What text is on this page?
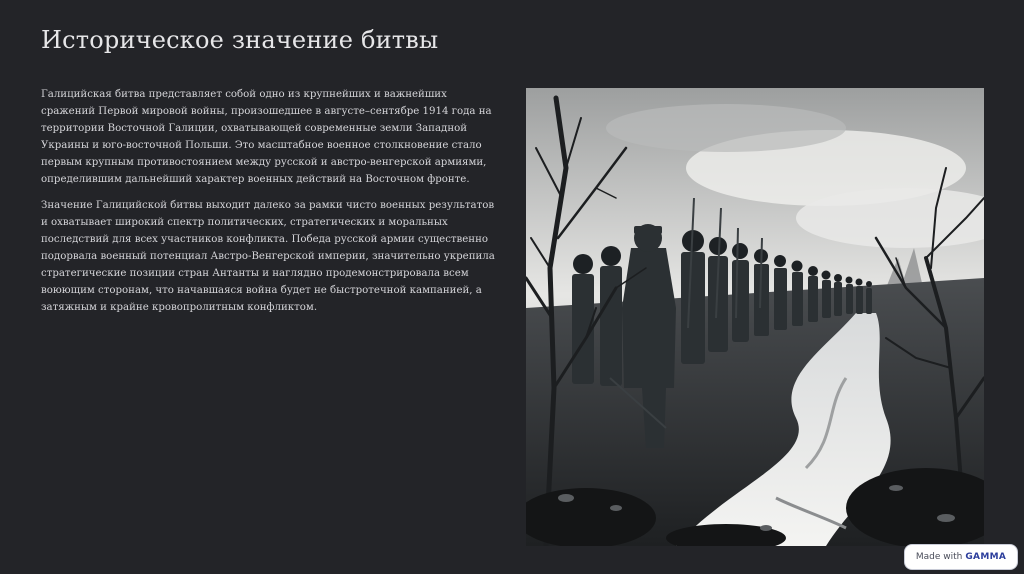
Историческое значение битвы

Галицийская битва представляет собой одно из крупнейших и важнейших сражений Первой мировой войны, произошедшее в августе–сентябре 1914 года на территории Восточной Галиции, охватывающей современные земли Западной Украины и юго-восточной Польши. Это масштабное военное столкновение стало первым крупным противостоянием между русской и австро-венгерской армиями, определившим дальнейший характер военных действий на Восточном фронте.

Значение Галицийской битвы выходит далеко за рамки чисто военных результатов и охватывает широкий спектр политических, стратегических и моральных последствий для всех участников конфликта. Победа русской армии существенно подорвала военный потенциал Австро-Венгерской империи, значительно укрепила стратегические позиции стран Антанты и наглядно продемонстрировала всем воюющим сторонам, что начавшаяся война будет не быстротечной кампанией, а затяжным и крайне кровопролитным конфликтом.

Made with GAMMA
